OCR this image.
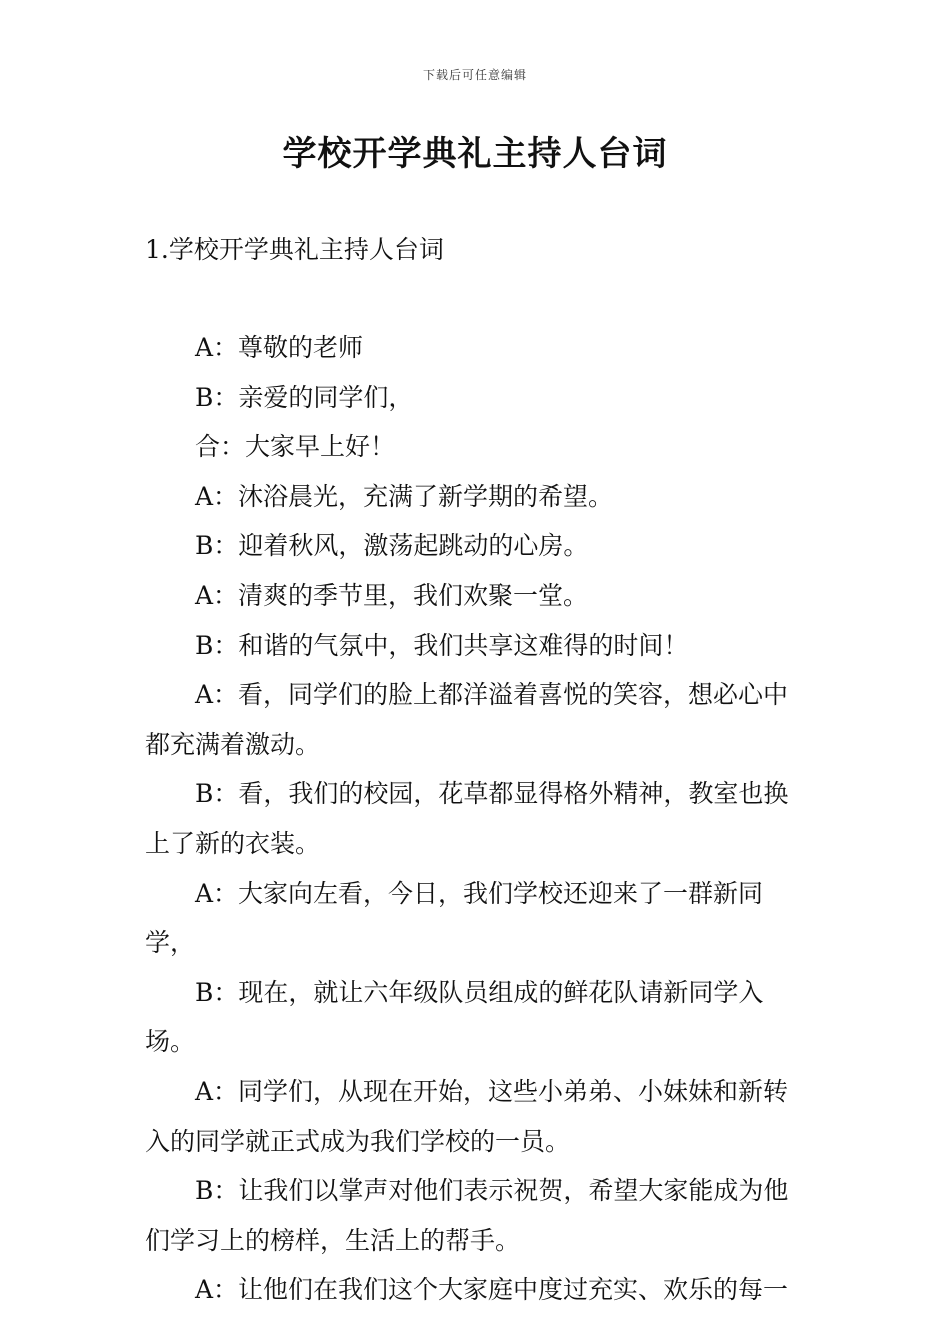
下载后可任意编辑
学校开学典礼主持人台词
1.学校开学典礼主持人台词

A：尊敬的老师

B：亲爱的同学们，

合：大家早上好！

A：沐浴晨光，充满了新学期的希望。

B：迎着秋风，激荡起跳动的心房。

A：清爽的季节里，我们欢聚一堂。

B：和谐的气氛中，我们共享这难得的时间！

A：看，同学们的脸上都洋溢着喜悦的笑容，想必心中都充满着激动。

B：看，我们的校园，花草都显得格外精神，教室也换上了新的衣装。

A：大家向左看，今日，我们学校还迎来了一群新同学，

B：现在，就让六年级队员组成的鲜花队请新同学入场。

A：同学们，从现在开始，这些小弟弟、小妹妹和新转入的同学就正式成为我们学校的一员。

B：让我们以掌声对他们表示祝贺，希望大家能成为他们学习上的榜样，生活上的帮手。

A：让他们在我们这个大家庭中度过充实、欢乐的每一
